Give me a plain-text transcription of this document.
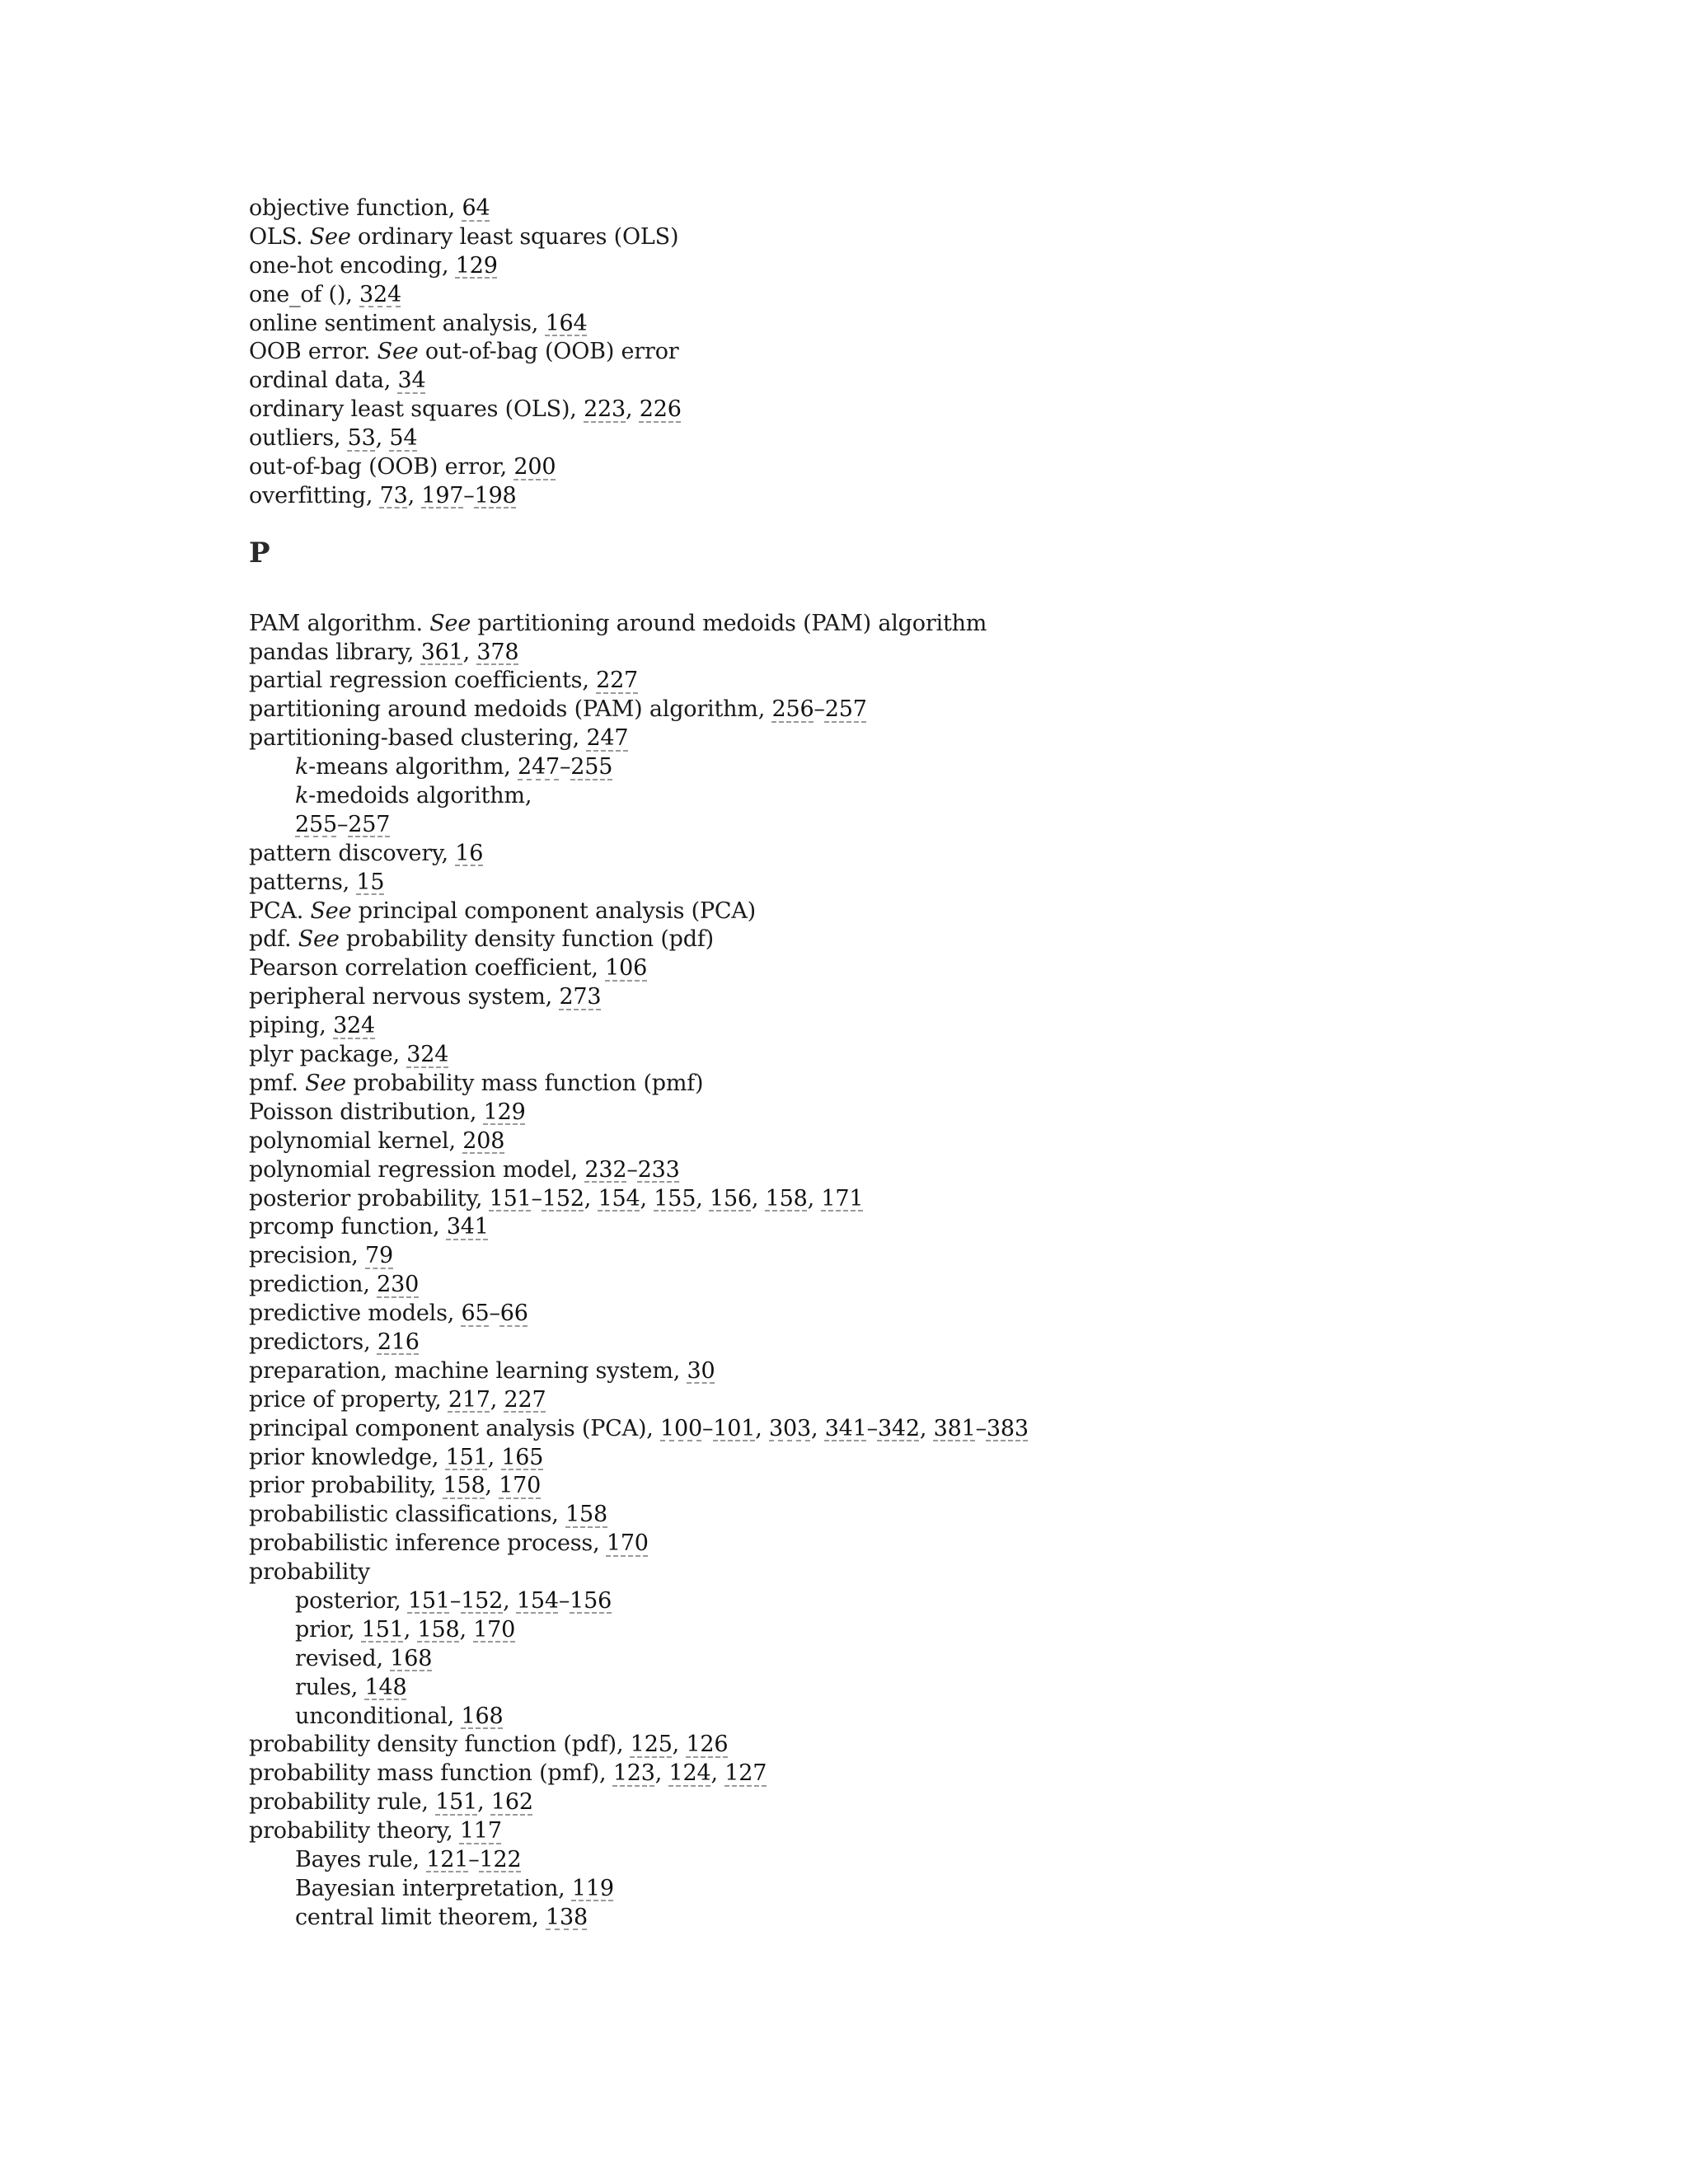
objective function, 64
OLS. See ordinary least squares (OLS)
one-hot encoding, 129
one_of (), 324
online sentiment analysis, 164
OOB error. See out-of-bag (OOB) error
ordinal data, 34
ordinary least squares (OLS), 223, 226
outliers, 53, 54
out-of-bag (OOB) error, 200
overfitting, 73, 197–198
P
PAM algorithm. See partitioning around medoids (PAM) algorithm
pandas library, 361, 378
partial regression coefficients, 227
partitioning around medoids (PAM) algorithm, 256–257
partitioning-based clustering, 247
k-means algorithm, 247–255
k-medoids algorithm,
255–257
pattern discovery, 16
patterns, 15
PCA. See principal component analysis (PCA)
pdf. See probability density function (pdf)
Pearson correlation coefficient, 106
peripheral nervous system, 273
piping, 324
plyr package, 324
pmf. See probability mass function (pmf)
Poisson distribution, 129
polynomial kernel, 208
polynomial regression model, 232–233
posterior probability, 151–152, 154, 155, 156, 158, 171
prcomp function, 341
precision, 79
prediction, 230
predictive models, 65–66
predictors, 216
preparation, machine learning system, 30
price of property, 217, 227
principal component analysis (PCA), 100–101, 303, 341–342, 381–383
prior knowledge, 151, 165
prior probability, 158, 170
probabilistic classifications, 158
probabilistic inference process, 170
probability
posterior, 151–152, 154–156
prior, 151, 158, 170
revised, 168
rules, 148
unconditional, 168
probability density function (pdf), 125, 126
probability mass function (pmf), 123, 124, 127
probability rule, 151, 162
probability theory, 117
Bayes rule, 121–122
Bayesian interpretation, 119
central limit theorem, 138
